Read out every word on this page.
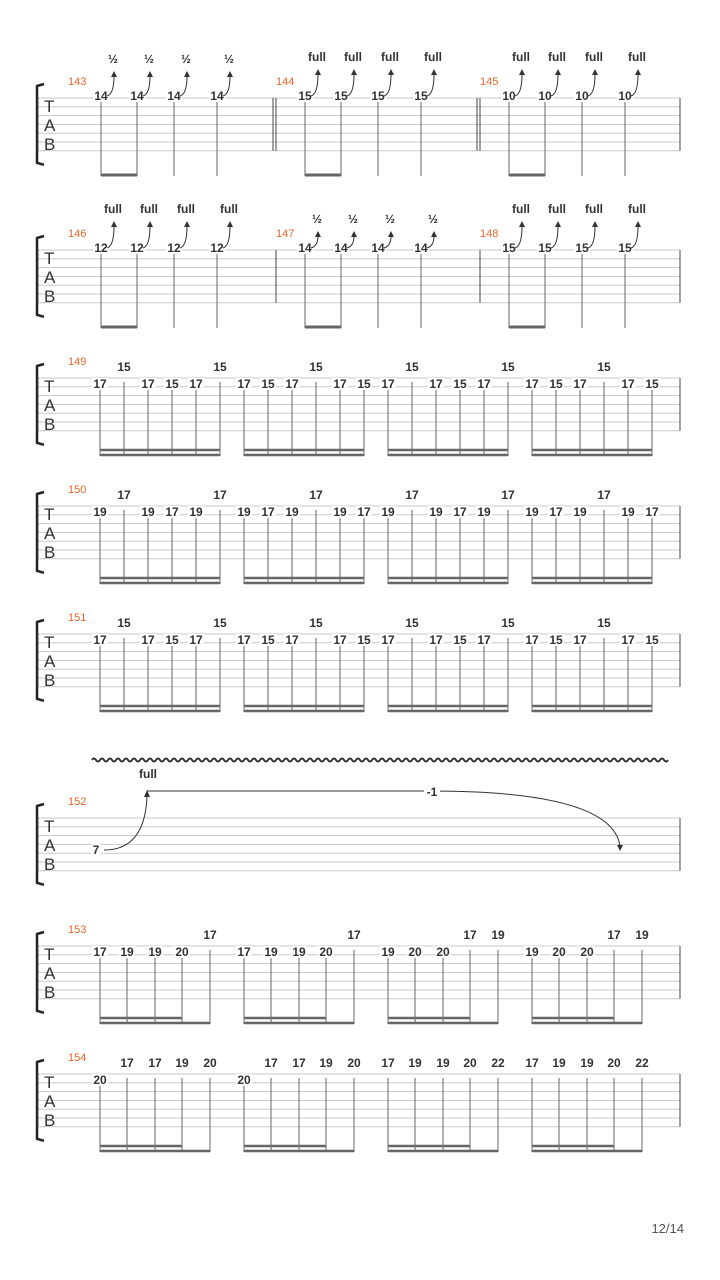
T
A
B
143
14
½
14
½
14
½
14
½
144
15
full
15
full
15
full
15
full
145
10
full
10
full
10
full
10
full
T
A
B
146
12
full
12
full
12
full
12
full
147
14
½
14
½
14
½
14
½
148
15
full
15
full
15
full
15
full
T
A
B
149
17
15
17 15 17
15
17 15 17
15
17 15 17
15
17 15 17
15
17 15 17
15
17 15
T
A
B
150
19
17
19 17 19
17
19 17 19
17
19 17 19
17
19 17 19
17
19 17 19
17
19 17
T
A
B
151
17
15
17 15 17
15
17 15 17
15
17 15 17
15
17 15 17
15
17 15 17
15
17 15
T
A
B
152
7
full
-1
T
A
B
153
17 19 19 20
17
17 19 19 20
17
19 20 20
17 19
19 20 20
17 19
T
A
B
154
20
17 17 19 20
20
17 17 19 20 17 19 19 20 22 17 19 19 20 22
12/14
